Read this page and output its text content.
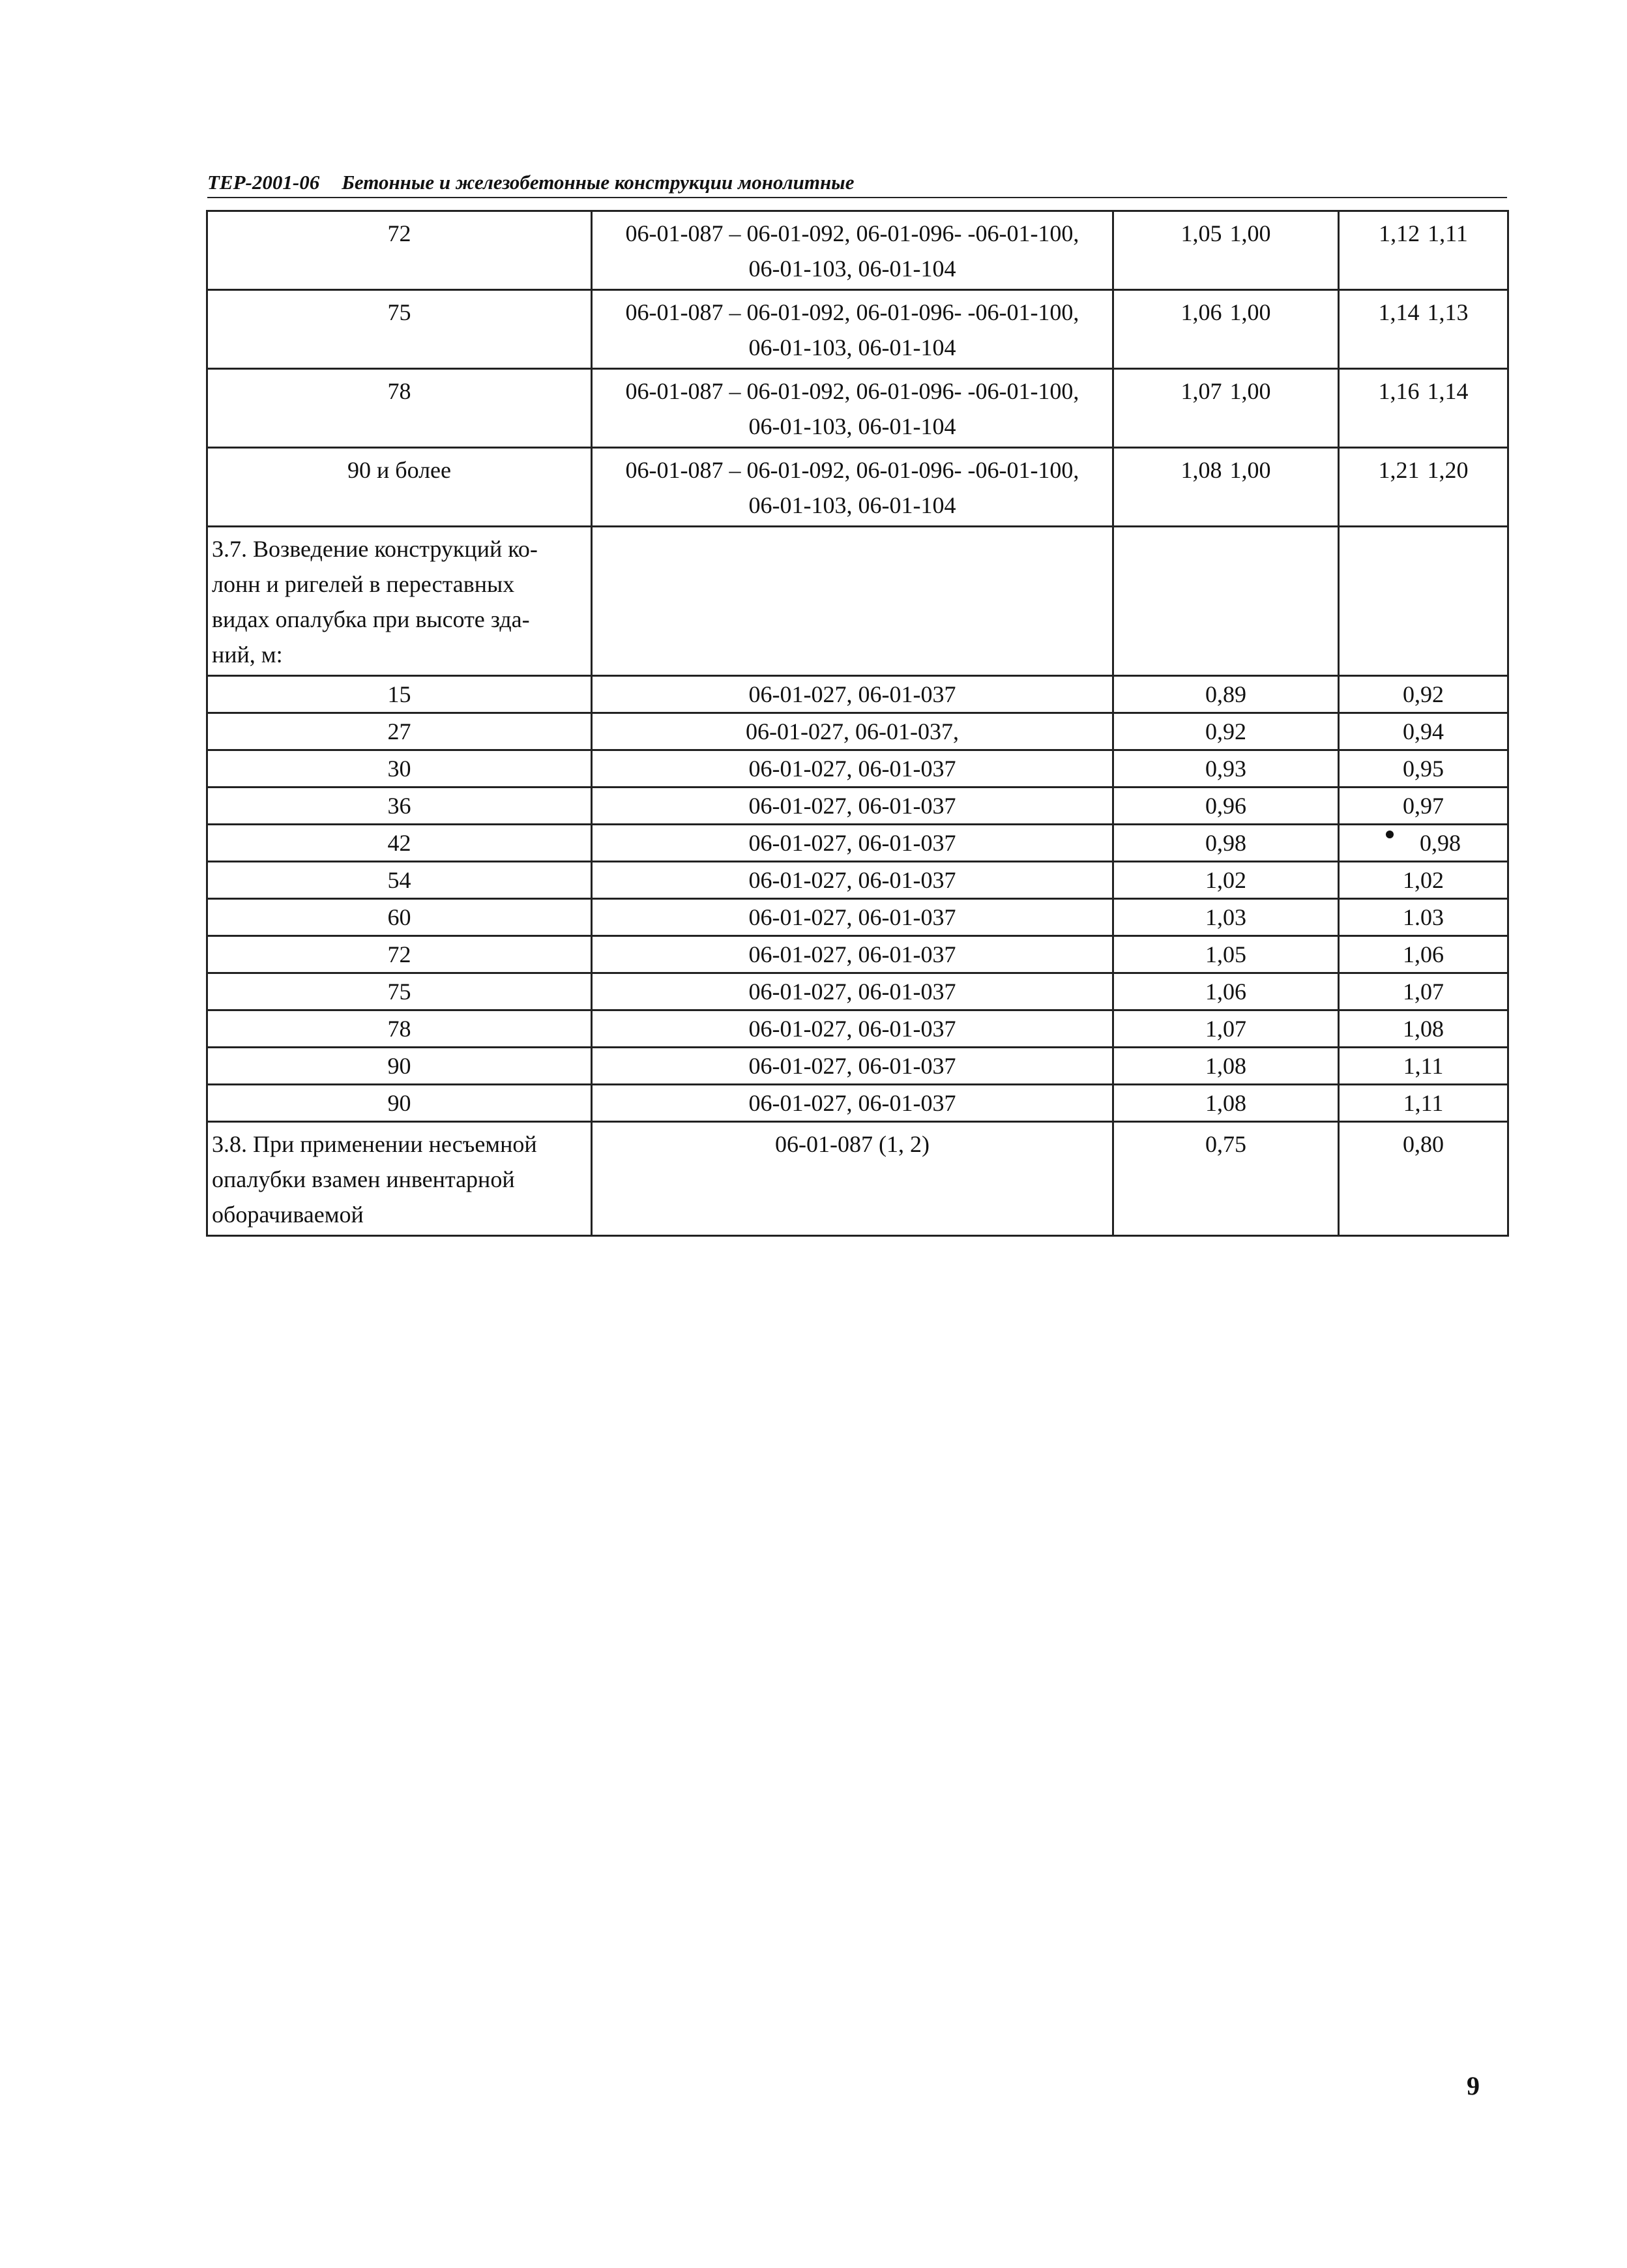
ТЕР-2001-06 Бетонные и железобетонные конструкции монолитные
72	06-01-087 – 06-01-092, 06-01-096- -06-01-100,
06-01-103, 06-01-104	1,05 1,00	1,12 1,11
75	06-01-087 – 06-01-092, 06-01-096- -06-01-100,
06-01-103, 06-01-104	1,06 1,00	1,14 1,13
78	06-01-087 – 06-01-092, 06-01-096- -06-01-100,
06-01-103, 06-01-104	1,07 1,00	1,16 1,14
90 и более	06-01-087 – 06-01-092, 06-01-096- -06-01-100,
06-01-103, 06-01-104	1,08 1,00	1,21 1,20

3.7. Возведение конструкций ко-
лонн и ригелей в переставных
видах опалубка при высоте зда-
ний, м:			

15	06-01-027, 06-01-037	0,89	0,92
27	06-01-027, 06-01-037,	0,92	0,94
30	06-01-027, 06-01-037	0,93	0,95
36	06-01-027, 06-01-037	0,96	0,97
42	06-01-027, 06-01-037	0,98	0,98
54	06-01-027, 06-01-037	1,02	1,02
60	06-01-027, 06-01-037	1,03	1.03
72	06-01-027, 06-01-037	1,05	1,06
75	06-01-027, 06-01-037	1,06	1,07
78	06-01-027, 06-01-037	1,07	1,08
90	06-01-027, 06-01-037	1,08	1,11
90	06-01-027, 06-01-037	1,08	1,11

3.8. При применении несъемной
опалубки взамен инвентарной
оборачиваемой	06-01-087 (1, 2)	0,75	0,80
9
